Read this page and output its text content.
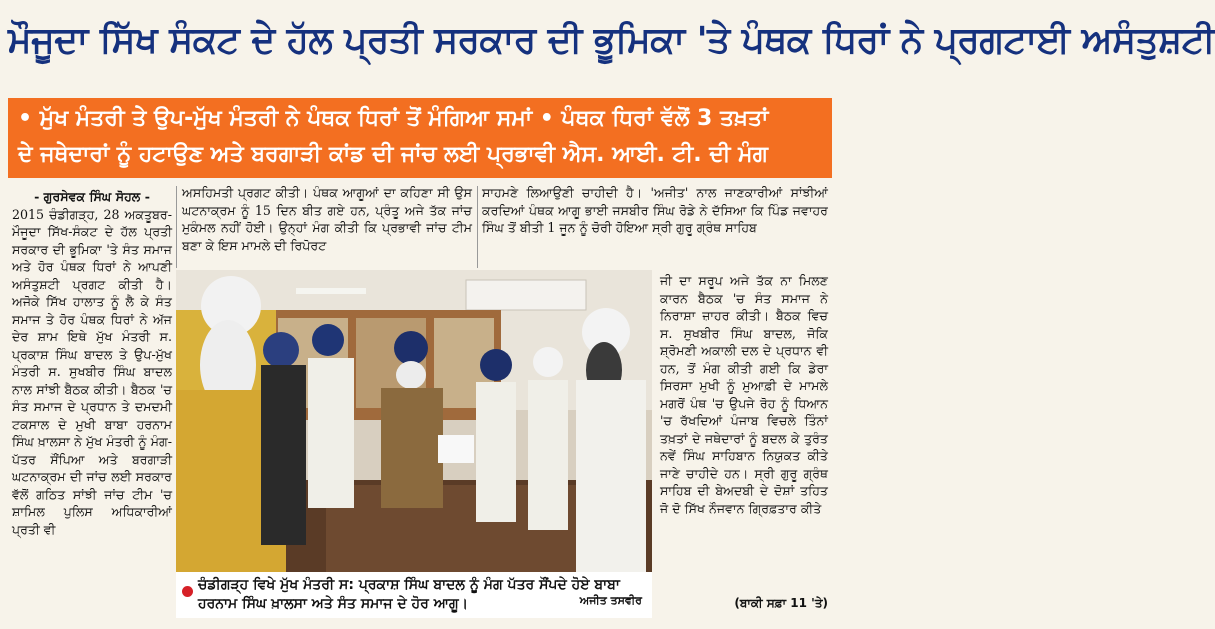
ਮੌਜੂਦਾ ਸਿੱਖ ਸੰਕਟ ਦੇ ਹੱਲ ਪ੍ਰਤੀ ਸਰਕਾਰ ਦੀ ਭੂਮਿਕਾ 'ਤੇ ਪੰਥਕ ਧਿਰਾਂ ਨੇ ਪ੍ਰਗਟਾਈ ਅਸੰਤੁਸ਼ਟੀ
• ਮੁੱਖ ਮੰਤਰੀ ਤੇ ਉਪ-ਮੁੱਖ ਮੰਤਰੀ ਨੇ ਪੰਥਕ ਧਿਰਾਂ ਤੋਂ ਮੰਗਿਆ ਸਮਾਂ • ਪੰਥਕ ਧਿਰਾਂ ਵੱਲੋਂ 3 ਤਖ਼ਤਾਂ
ਦੇ ਜਥੇਦਾਰਾਂ ਨੂੰ ਹਟਾਉਣ ਅਤੇ ਬਰਗਾੜੀ ਕਾਂਡ ਦੀ ਜਾਂਚ ਲਈ ਪ੍ਰਭਾਵੀ ਐਸ. ਆਈ. ਟੀ. ਦੀ ਮੰਗ

- ਗੁਰਸੇਵਕ ਸਿੰਘ ਸੋਹਲ -

2015 ਚੰਡੀਗੜ੍ਹ, 28 ਅਕਤੂਬਰ-ਮੌਜੂਦਾ ਸਿੱਖ-ਸੰਕਟ ਦੇ ਹੱਲ ਪ੍ਰਤੀ ਸਰਕਾਰ ਦੀ ਭੂਮਿਕਾ 'ਤੇ ਸੰਤ ਸਮਾਜ ਅਤੇ ਹੋਰ ਪੰਥਕ ਧਿਰਾਂ ਨੇ ਆਪਣੀ ਅਸੰਤੁਸ਼ਟੀ ਪ੍ਰਗਟ ਕੀਤੀ ਹੈ। ਅਜੋਕੇ ਸਿੱਖ ਹਾਲਾਤ ਨੂੰ ਲੈ ਕੇ ਸੰਤ ਸਮਾਜ ਤੇ ਹੋਰ ਪੰਥਕ ਧਿਰਾਂ ਨੇ ਅੱਜ ਦੇਰ ਸ਼ਾਮ ਇਥੇ ਮੁੱਖ ਮੰਤਰੀ ਸ. ਪ੍ਰਕਾਸ਼ ਸਿੰਘ ਬਾਦਲ ਤੇ ਉਪ-ਮੁੱਖ ਮੰਤਰੀ ਸ. ਸੁਖਬੀਰ ਸਿੰਘ ਬਾਦਲ ਨਾਲ ਸਾਂਝੀ ਬੈਠਕ ਕੀਤੀ। ਬੈਠਕ 'ਚ ਸੰਤ ਸਮਾਜ ਦੇ ਪ੍ਰਧਾਨ ਤੇ ਦਮਦਮੀ ਟਕਸਾਲ ਦੇ ਮੁਖੀ ਬਾਬਾ ਹਰਨਾਮ ਸਿੰਘ ਖ਼ਾਲਸਾ ਨੇ ਮੁੱਖ ਮੰਤਰੀ ਨੂੰ ਮੰਗ-ਪੱਤਰ ਸੌਂਪਿਆ ਅਤੇ ਬਰਗਾੜੀ ਘਟਨਾਕ੍ਰਮ ਦੀ ਜਾਂਚ ਲਈ ਸਰਕਾਰ ਵੱਲੋਂ ਗਠਿਤ ਸਾਂਝੀ ਜਾਂਚ ਟੀਮ 'ਚ ਸ਼ਾਮਿਲ ਪੁਲਿਸ ਅਧਿਕਾਰੀਆਂ ਪ੍ਰਤੀ ਵੀ

ਅਸਹਿਮਤੀ ਪ੍ਰਗਟ ਕੀਤੀ। ਪੰਥਕ ਆਗੂਆਂ ਦਾ ਕਹਿਣਾ ਸੀ ਉਸ ਘਟਨਾਕ੍ਰਮ ਨੂੰ 15 ਦਿਨ ਬੀਤ ਗਏ ਹਨ, ਪ੍ਰੰਤੂ ਅਜੇ ਤੱਕ ਜਾਂਚ ਮੁਕੰਮਲ ਨਹੀਂ ਹੋਈ। ਉਨ੍ਹਾਂ ਮੰਗ ਕੀਤੀ ਕਿ ਪ੍ਰਭਾਵੀ ਜਾਂਚ ਟੀਮ ਬਣਾ ਕੇ ਇਸ ਮਾਮਲੇ ਦੀ ਰਿਪੋਰਟ

ਸਾਹਮਣੇ ਲਿਆਉਣੀ ਚਾਹੀਦੀ ਹੈ। 'ਅਜੀਤ' ਨਾਲ ਜਾਣਕਾਰੀਆਂ ਸਾਂਝੀਆਂ ਕਰਦਿਆਂ ਪੰਥਕ ਆਗੂ ਭਾਈ ਜਸਬੀਰ ਸਿੰਘ ਰੋਡੇ ਨੇ ਦੱਸਿਆ ਕਿ ਪਿੰਡ ਜਵਾਹਰ ਸਿੰਘ ਤੋਂ ਬੀਤੀ 1 ਜੂਨ ਨੂੰ ਚੋਰੀ ਹੋਇਆ ਸ੍ਰੀ ਗੁਰੂ ਗ੍ਰੰਥ ਸਾਹਿਬ

ਜੀ ਦਾ ਸਰੂਪ ਅਜੇ ਤੱਕ ਨਾ ਮਿਲਣ ਕਾਰਨ ਬੈਠਕ 'ਚ ਸੰਤ ਸਮਾਜ ਨੇ ਨਿਰਾਸ਼ਾ ਜ਼ਾਹਰ ਕੀਤੀ। ਬੈਠਕ ਵਿਚ ਸ. ਸੁਖਬੀਰ ਸਿੰਘ ਬਾਦਲ, ਜੋਕਿ ਸ਼੍ਰੋਮਣੀ ਅਕਾਲੀ ਦਲ ਦੇ ਪ੍ਰਧਾਨ ਵੀ ਹਨ, ਤੋਂ ਮੰਗ ਕੀਤੀ ਗਈ ਕਿ ਡੇਰਾ ਸਿਰਸਾ ਮੁਖੀ ਨੂੰ ਮੁਆਫ਼ੀ ਦੇ ਮਾਮਲੇ ਮਗਰੋਂ ਪੰਥ 'ਚ ਉਪਜੇ ਰੋਹ ਨੂੰ ਧਿਆਨ 'ਚ ਰੱਖਦਿਆਂ ਪੰਜਾਬ ਵਿਚਲੇ ਤਿੰਨਾਂ ਤਖ਼ਤਾਂ ਦੇ ਜਥੇਦਾਰਾਂ ਨੂੰ ਬਦਲ ਕੇ ਤੁਰੰਤ ਨਵੇਂ ਸਿੰਘ ਸਾਹਿਬਾਨ ਨਿਯੁਕਤ ਕੀਤੇ ਜਾਣੇ ਚਾਹੀਦੇ ਹਨ। ਸ੍ਰੀ ਗੁਰੂ ਗ੍ਰੰਥ ਸਾਹਿਬ ਦੀ ਬੇਅਦਬੀ ਦੇ ਦੋਸ਼ਾਂ ਤਹਿਤ ਜੋ ਦੋ ਸਿੱਖ ਨੌਜਵਾਨ ਗ੍ਰਿਫ਼ਤਾਰ ਕੀਤੇ

ਚੰਡੀਗੜ੍ਹ ਵਿਖੇ ਮੁੱਖ ਮੰਤਰੀ ਸ: ਪ੍ਰਕਾਸ਼ ਸਿੰਘ ਬਾਦਲ ਨੂੰ ਮੰਗ ਪੱਤਰ ਸੌਂਪਦੇ ਹੋਏ ਬਾਬਾ ਹਰਨਾਮ ਸਿੰਘ ਖ਼ਾਲਸਾ ਅਤੇ ਸੰਤ ਸਮਾਜ ਦੇ ਹੋਰ ਆਗੂ।	ਅਜੀਤ ਤਸਵੀਰ	(ਬਾਕੀ ਸਫ਼ਾ 11 'ਤੇ)
